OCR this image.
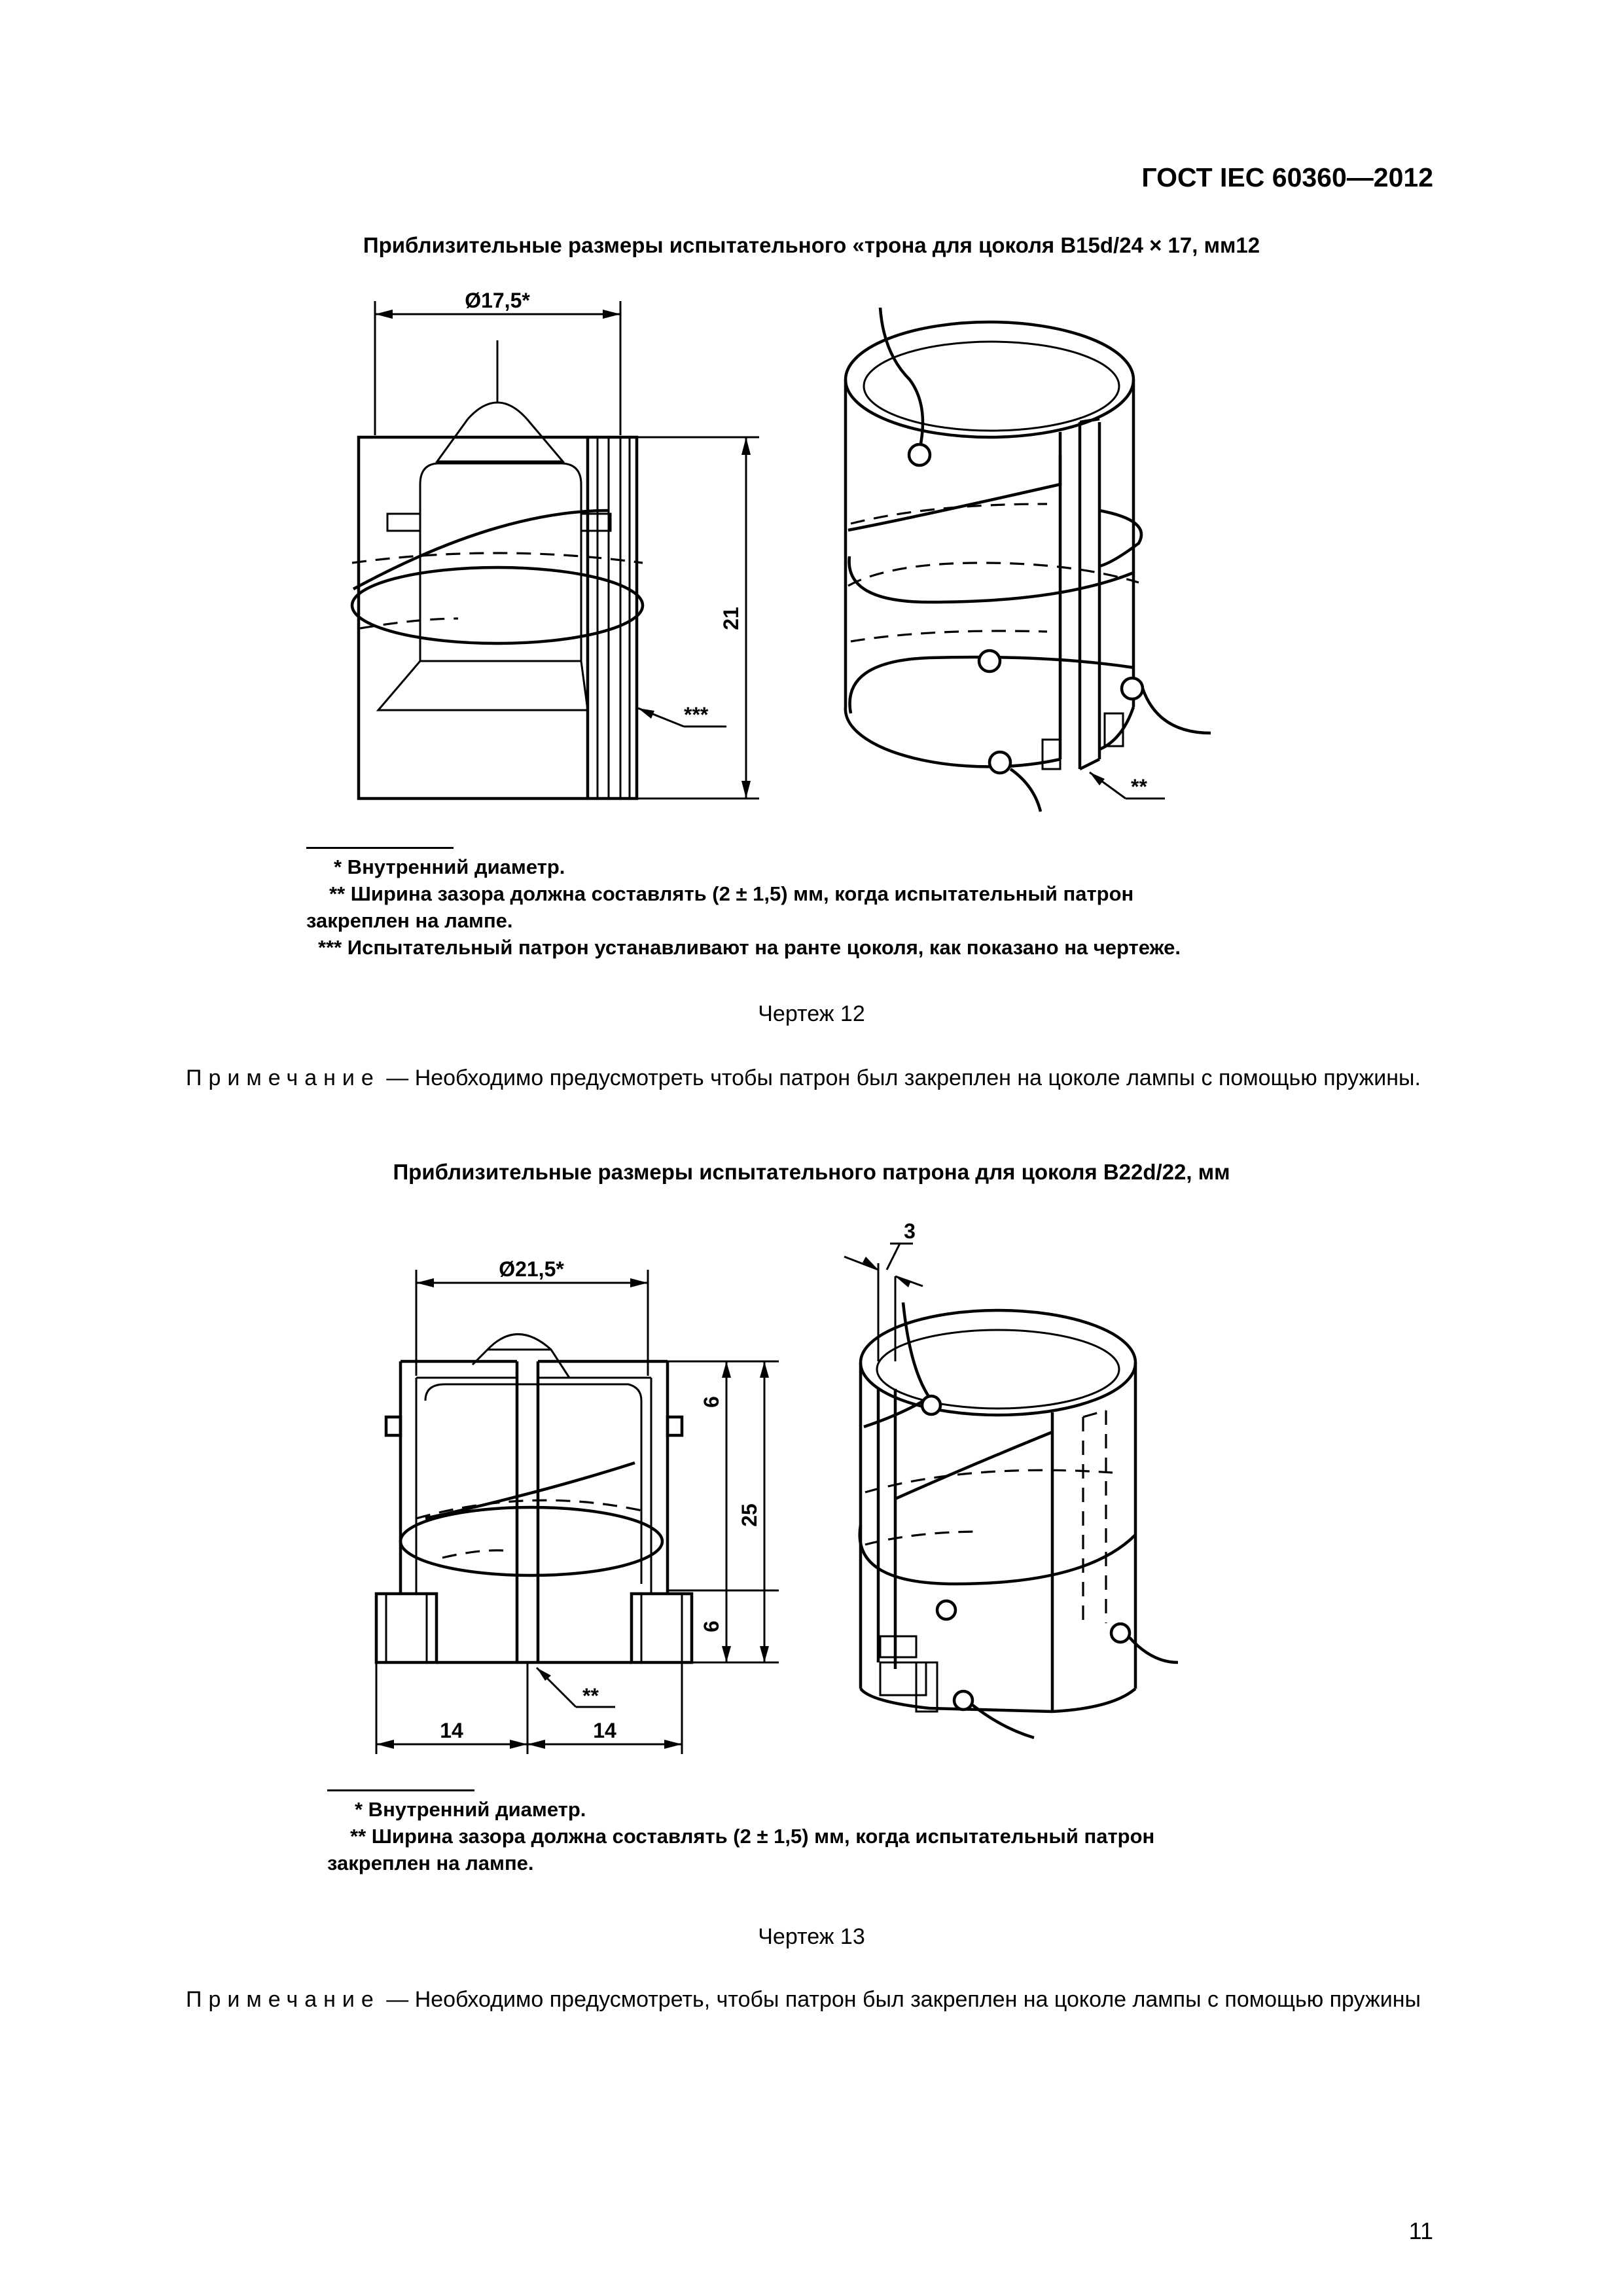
ГОСТ IEC 60360—2012
Приблизительные размеры испытательного «трона для цоколя B15d/24 × 17, мм12
Ø17,5*
21
***
**
* Внутренний диаметр.
** Ширина зазора должна составлять (2 ± 1,5) мм, когда испытательный патрон
закреплен на лампе.
*** Испытательный патрон устанавливают на ранте цоколя, как показано на чертеже.
Чертеж 12
Примечание — Необходимо предусмотреть чтобы патрон был закреплен на цоколе лампы с помощью пружины.
Приблизительные размеры испытательного патрона для цоколя B22d/22, мм
Ø21,5*
6
25
6
14	14
**
3
* Внутренний диаметр.
** Ширина зазора должна составлять (2 ± 1,5) мм, когда испытательный патрон
закреплен на лампе.
Чертеж 13
Примечание — Необходимо предусмотреть, чтобы патрон был закреплен на цоколе лампы с помощью пружины
11
